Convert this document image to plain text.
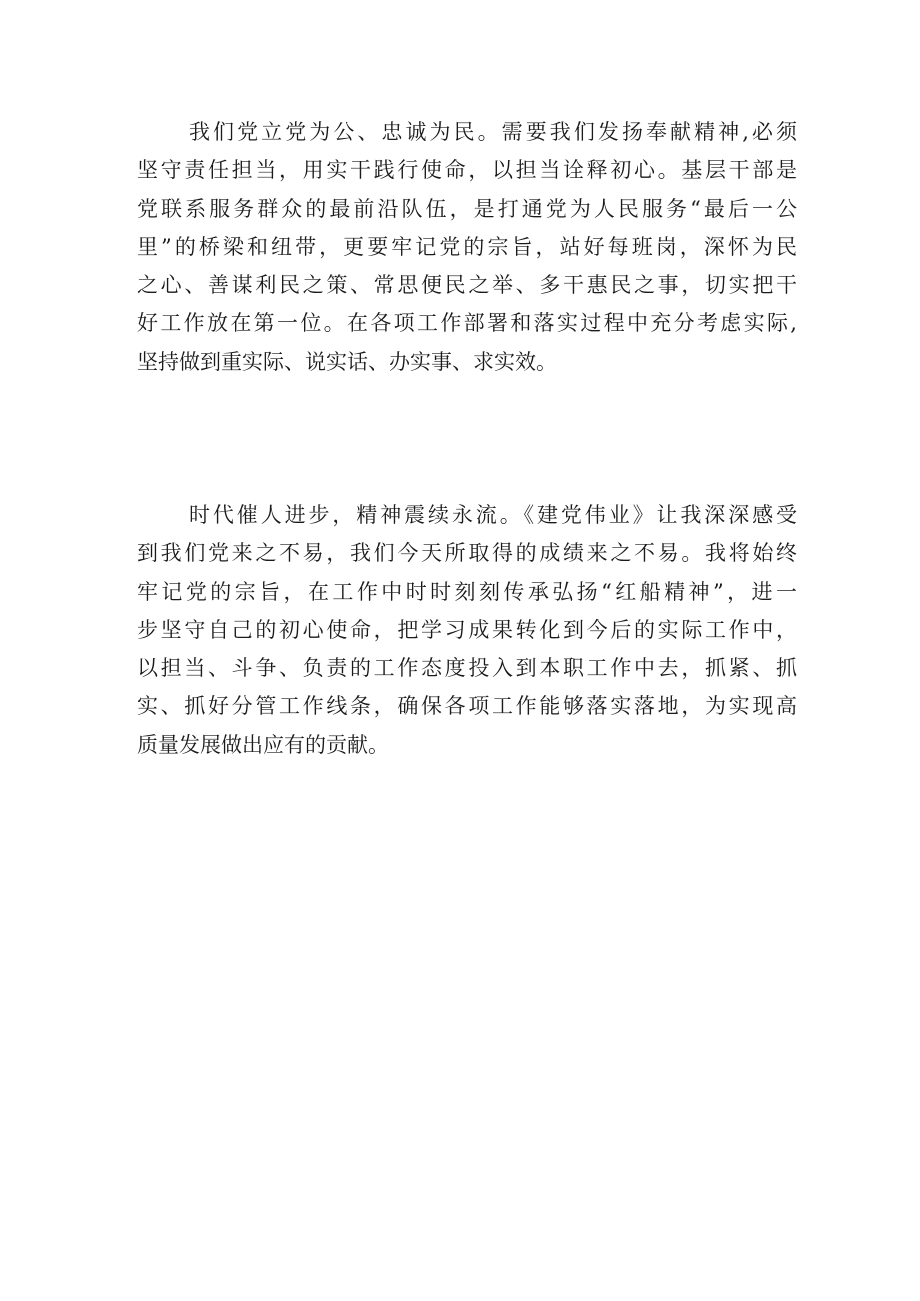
我们党立党为公、忠诚为民。需要我们发扬奉献精神,必须
坚守责任担当，用实干践行使命，以担当诠释初心。基层干部是
党联系服务群众的最前沿队伍，是打通党为人民服务“最后一公
里”的桥梁和纽带，更要牢记党的宗旨，站好每班岗，深怀为民
之心、善谋利民之策、常思便民之举、多干惠民之事，切实把干
好工作放在第一位。在各项工作部署和落实过程中充分考虑实际,
坚持做到重实际、说实话、办实事、求实效。
时代催人进步，精神震续永流。《建党伟业》让我深深感受
到我们党来之不易，我们今天所取得的成绩来之不易。我将始终
牢记党的宗旨，在工作中时时刻刻传承弘扬“红船精神”，进一
步坚守自己的初心使命，把学习成果转化到今后的实际工作中，
以担当、斗争、负责的工作态度投入到本职工作中去，抓紧、抓
实、抓好分管工作线条，确保各项工作能够落实落地，为实现高
质量发展做出应有的贡献。
